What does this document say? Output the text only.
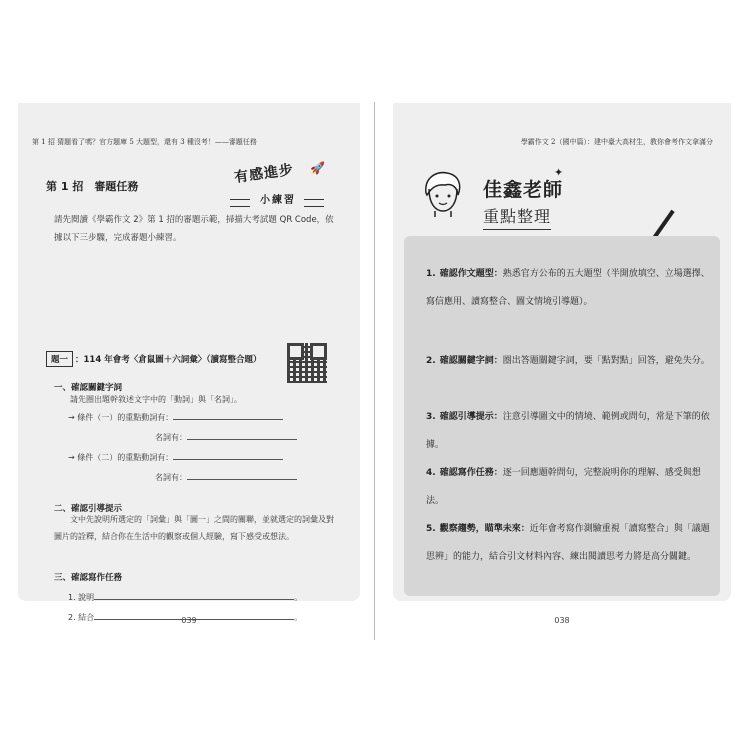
第 1 招 猜題看了嗎？官方題庫 5 大題型，還有 3 種沒考！——審題任務
第 1 招　審題任務
有感進步
小練習
🚀
請先閱讀《學霸作文 2》第 1 招的審題示範，掃描大考試題 QR Code，依據以下三步驟，完成審題小練習。
題一 ：114 年會考〈倉鼠圖＋六詞彙〉（讀寫整合題）
一、確認關鍵字詞
請先圈出題幹敘述文字中的「動詞」與「名詞」。
→ 條件（一）的重點動詞有：
名詞有：
→ 條件（二）的重點動詞有：
名詞有：
二、確認引導提示
文中先說明所選定的「詞彙」與「圖一」之間的關聯，並就選定的詞彙及對圖片的詮釋，結合你在生活中的觀察或個人經驗，寫下感受或想法。
三、確認寫作任務
1. 說明	。
2. 結合	。
039
學霸作文 2（國中篇）：建中臺大高材生，教你會考作文拿滿分
佳鑫老師
✦
重點整理
1. 確認作文題型：熟悉官方公布的五大題型（半開放填空、立場選擇、寫信應用、讀寫整合、圖文情境引導題）。
2. 確認關鍵字詞：圈出答題關鍵字詞，要「點對點」回答，避免失分。
3. 確認引導提示：注意引導圖文中的情境、範例或問句，常是下筆的依據。
4. 確認寫作任務：逐一回應題幹問句，完整說明你的理解、感受與想法。
5. 觀察趨勢，瞄準未來：近年會考寫作測驗重視「讀寫整合」與「議題思辨」的能力，結合引文材料內容、練出閱讀思考力將是高分關鍵。
038
